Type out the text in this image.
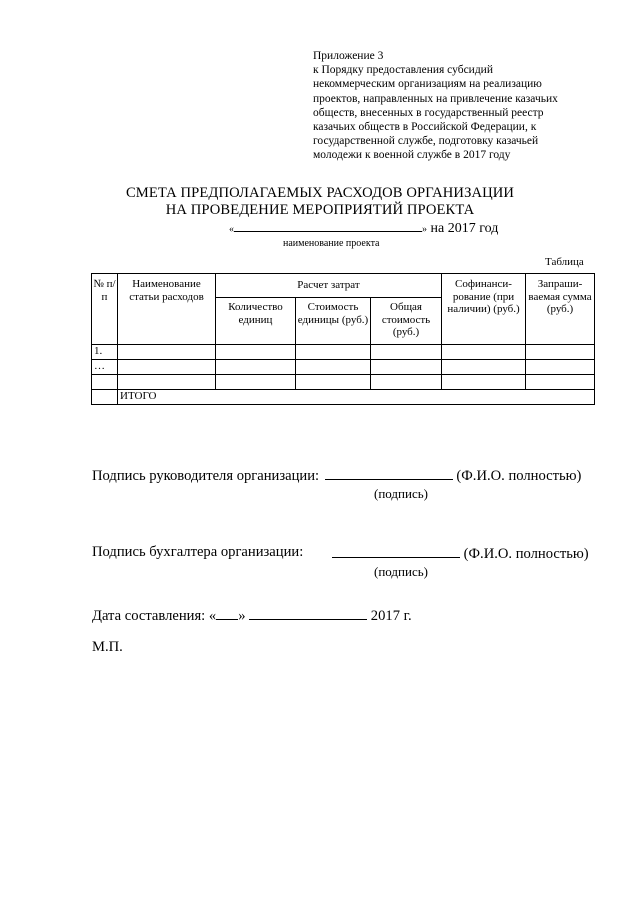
Приложение 3
к Порядку предоставления субсидий
некоммерческим организациям на реализацию
проектов, направленных на привлечение казачьих
обществ, внесенных в государственный реестр
казачьих обществ в Российской Федерации, к
государственной службе, подготовку казачьей
молодежи к военной службе в 2017 году
СМЕТА ПРЕДПОЛАГАЕМЫХ РАСХОДОВ ОРГАНИЗАЦИИ
НА ПРОВЕДЕНИЕ МЕРОПРИЯТИЙ ПРОЕКТА
«	» на 2017 год
наименование проекта
Таблица
№ п/п	Наименование статьи расходов	Расчет затрат			Софинанси-рование (при наличии) (руб.)	Запраши-ваемая сумма (руб.)
		Количество единиц	Стоимость единицы (руб.)	Общая стоимость (руб.)		
1.						
…						

	ИТОГО					
Подпись руководителя организации:	(Ф.И.О. полностью)
(подпись)
Подпись бухгалтера организации:	(Ф.И.О. полностью)
(подпись)
Дата составления: « »	2017 г.
М.П.
